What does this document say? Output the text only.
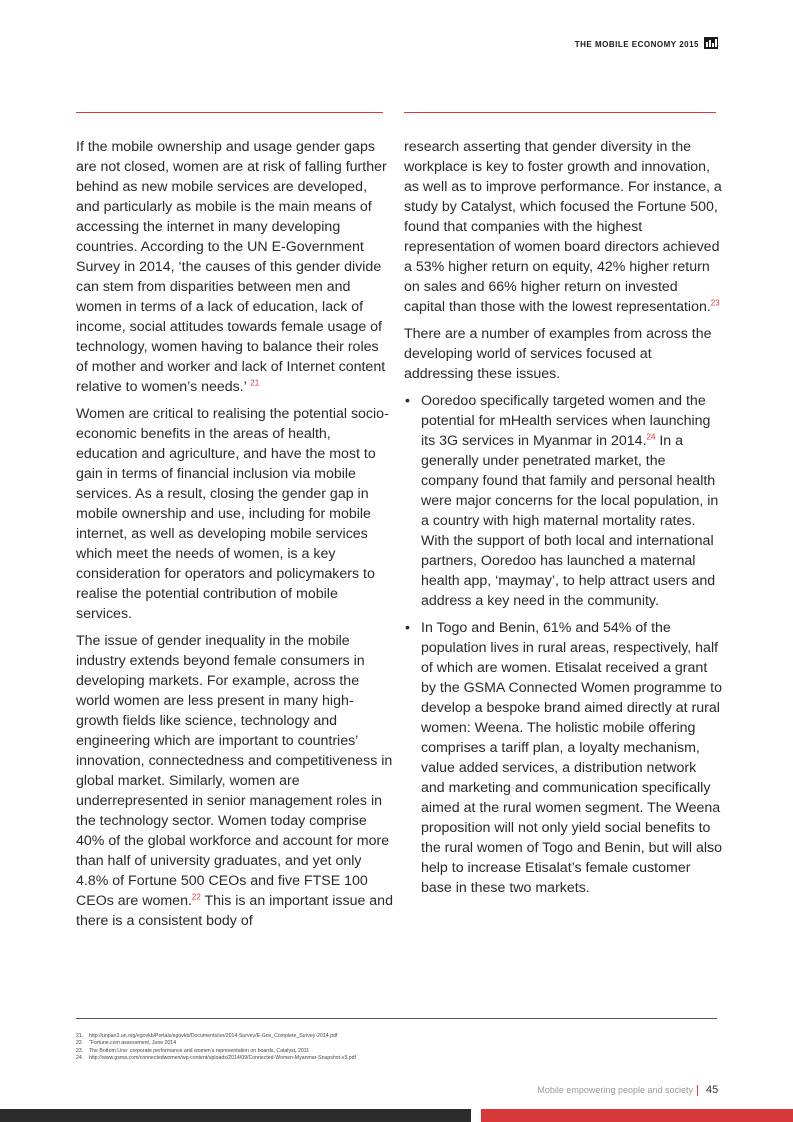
THE MOBILE ECONOMY 2015

If the mobile ownership and usage gender gaps are not closed, women are at risk of falling further behind as new mobile services are developed, and particularly as mobile is the main means of accessing the internet in many developing countries. According to the UN E-Government Survey in 2014, ‘the causes of this gender divide can stem from disparities between men and women in terms of a lack of education, lack of income, social attitudes towards female usage of technology, women having to balance their roles of mother and worker and lack of Internet content relative to women’s needs.’ $^{21}$

Women are critical to realising the potential socio-economic benefits in the areas of health, education and agriculture, and have the most to gain in terms of financial inclusion via mobile services. As a result, closing the gender gap in mobile ownership and use, including for mobile internet, as well as developing mobile services which meet the needs of women, is a key consideration for operators and policymakers to realise the potential contribution of mobile services.

The issue of gender inequality in the mobile industry extends beyond female consumers in developing markets. For example, across the world women are less present in many high-growth fields like science, technology and engineering which are important to countries’ innovation, connectedness and competitiveness in global market. Similarly, women are underrepresented in senior management roles in the technology sector. Women today comprise 40% of the global workforce and account for more than half of university graduates, and yet only 4.8% of Fortune 500 CEOs and five FTSE 100 CEOs are women.$^{22}$ This is an important issue and there is a consistent body of

research asserting that gender diversity in the workplace is key to foster growth and innovation, as well as to improve performance. For instance, a study by Catalyst, which focused the Fortune 500, found that companies with the highest representation of women board directors achieved a 53% higher return on equity, 42% higher return on sales and 66% higher return on invested capital than those with the lowest representation.$^{23}$

There are a number of examples from across the developing world of services focused at addressing these issues.

• Ooredoo specifically targeted women and the potential for mHealth services when launching its 3G services in Myanmar in 2014.24 In a generally under penetrated market, the company found that family and personal health were major concerns for the local population, in a country with high maternal mortality rates. With the support of both local and international partners, Ooredoo has launched a maternal health app, ‘maymay’, to help attract users and address a key need in the community.
• In Togo and Benin, 61% and 54% of the population lives in rural areas, respectively, half of which are women. Etisalat received a grant by the GSMA Connected Women programme to develop a bespoke brand aimed directly at rural women: Weena. The holistic mobile offering comprises a tariff plan, a loyalty mechanism, value added services, a distribution network and marketing and communication specifically aimed at the rural women segment. The Weena proposition will not only yield social benefits to the rural women of Togo and Benin, but will also help to increase Etisalat’s female customer base in these two markets.
21.	http://unpan3.un.org/egovkb/Portals/egovkb/Documents/un/2014-Survey/E-Gov_Complete_Survey-2014.pdf
22.	“Fortune.com assessment, June 2014
23.	The Bottom Line: corporate performance and women’s representation on boards, Catalyst, 2011
24.	http://www.gsma.com/connectedwomen/wp-content/uploads/2014/09/Connected-Women-Myanmar-Snapshot-v3.pdf
Mobile empowering people and society 45
